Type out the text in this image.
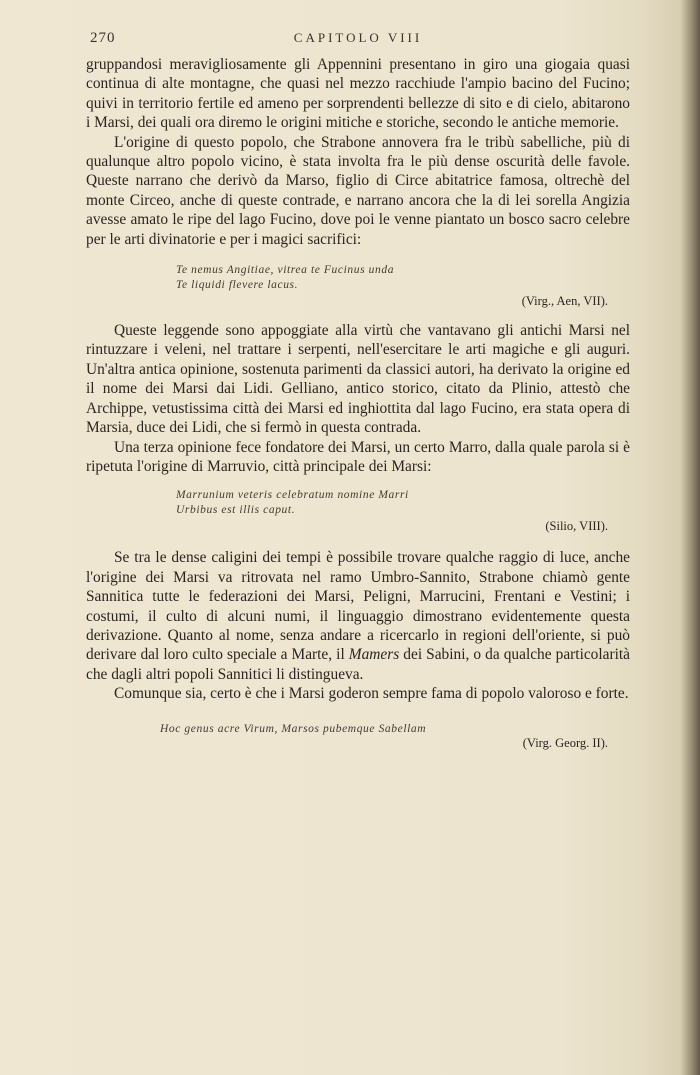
270	CAPITOLO VIII

gruppandosi meravigliosamente gli Appennini presentano in giro una giogaia quasi continua di alte montagne, che quasi nel mezzo racchiude l'ampio bacino del Fucino; quivi in territorio fertile ed ameno per sorprendenti bellezze di sito e di cielo, abitarono i Marsi, dei quali ora diremo le origini mitiche e storiche, secondo le antiche memorie.

L'origine di questo popolo, che Strabone annovera fra le tribù sabelliche, più di qualunque altro popolo vicino, è stata involta fra le più dense oscurità delle favole. Queste narrano che derivò da Marso, figlio di Circe abitatrice famosa, oltrechè del monte Circeo, anche di queste contrade, e narrano ancora che la di lei sorella Angizia avesse amato le ripe del lago Fucino, dove poi le venne piantato un bosco sacro celebre per le arti divinatorie e per i magici sacrifici:

Te nemus Angitiae, vitrea te Fucinus unda
Te liquidi flevere lacus.
(Virg., Aen, VII).

Queste leggende sono appoggiate alla virtù che vantavano gli antichi Marsi nel rintuzzare i veleni, nel trattare i serpenti, nell'esercitare le arti magiche e gli auguri. Un'altra antica opinione, sostenuta parimenti da classici autori, ha derivato la origine ed il nome dei Marsi dai Lidi. Gelliano, antico storico, citato da Plinio, attestò che Archippe, vetustissima città dei Marsi ed inghiottita dal lago Fucino, era stata opera di Marsia, duce dei Lidi, che si fermò in questa contrada.

Una terza opinione fece fondatore dei Marsi, un certo Marro, dalla quale parola si è ripetuta l'origine di Marruvio, città principale dei Marsi:

Marrunium veteris celebratum nomine Marri
Urbibus est illis caput.
(Silio, VIII).

Se tra le dense caligini dei tempi è possibile trovare qualche raggio di luce, anche l'origine dei Marsi va ritrovata nel ramo Umbro-Sannito, Strabone chiamò gente Sannitica tutte le federazioni dei Marsi, Peligni, Marrucini, Frentani e Vestini; i costumi, il culto di alcuni numi, il linguaggio dimostrano evidentemente questa derivazione. Quanto al nome, senza andare a ricercarlo in regioni dell'oriente, si può derivare dal loro culto speciale a Marte, il Mamers dei Sabini, o da qualche particolarità che dagli altri popoli Sannitici li distingueva.

Comunque sia, certo è che i Marsi goderon sempre fama di popolo valoroso e forte.

Hoc genus acre Virum, Marsos pubemque Sabellam
(Virg. Georg. II).
